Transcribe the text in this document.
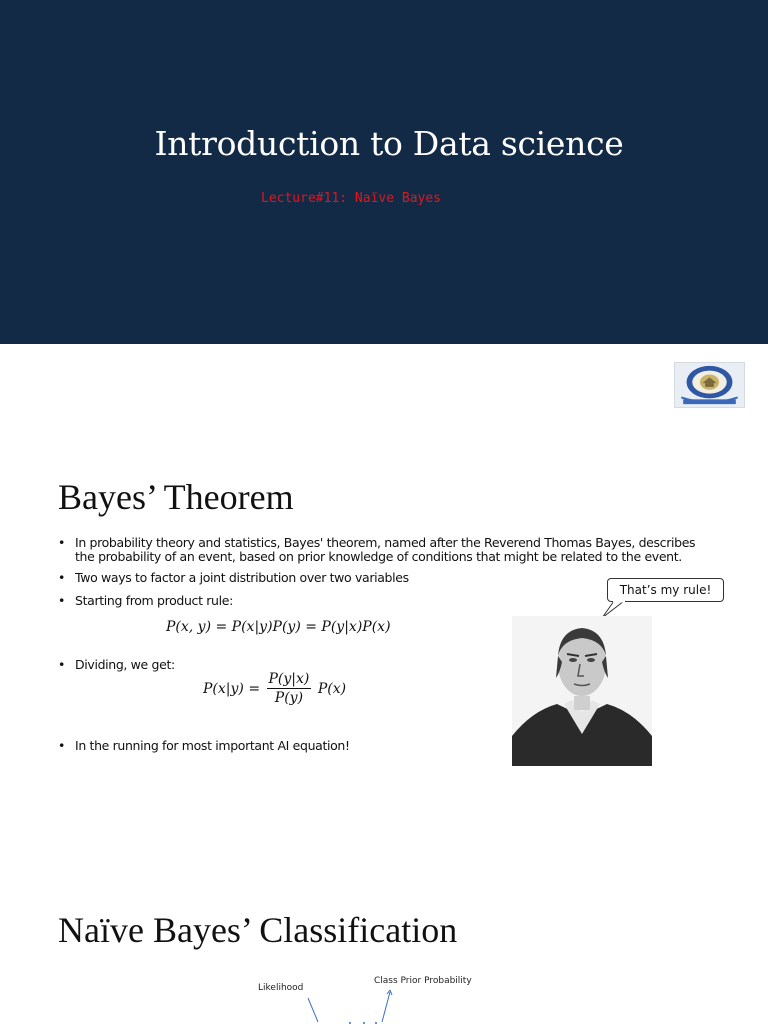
Introduction to Data science
Lecture#11: Naïve Bayes
Bayes’ Theorem
• In probability theory and statistics, Bayes' theorem, named after the Reverend Thomas Bayes, describes the probability of an event, based on prior knowledge of conditions that might be related to the event.
• Two ways to factor a joint distribution over two variables
• Starting from product rule:
P(x, y) = P(x|y)P(y) = P(y|x)P(x)
• Dividing, we get:
$P(x|y) = \frac{P(y|x)}{P(y)} P(x)$
• In the running for most important AI equation!
That’s my rule!
Naïve Bayes’ Classification
Likelihood
Class Prior Probability
